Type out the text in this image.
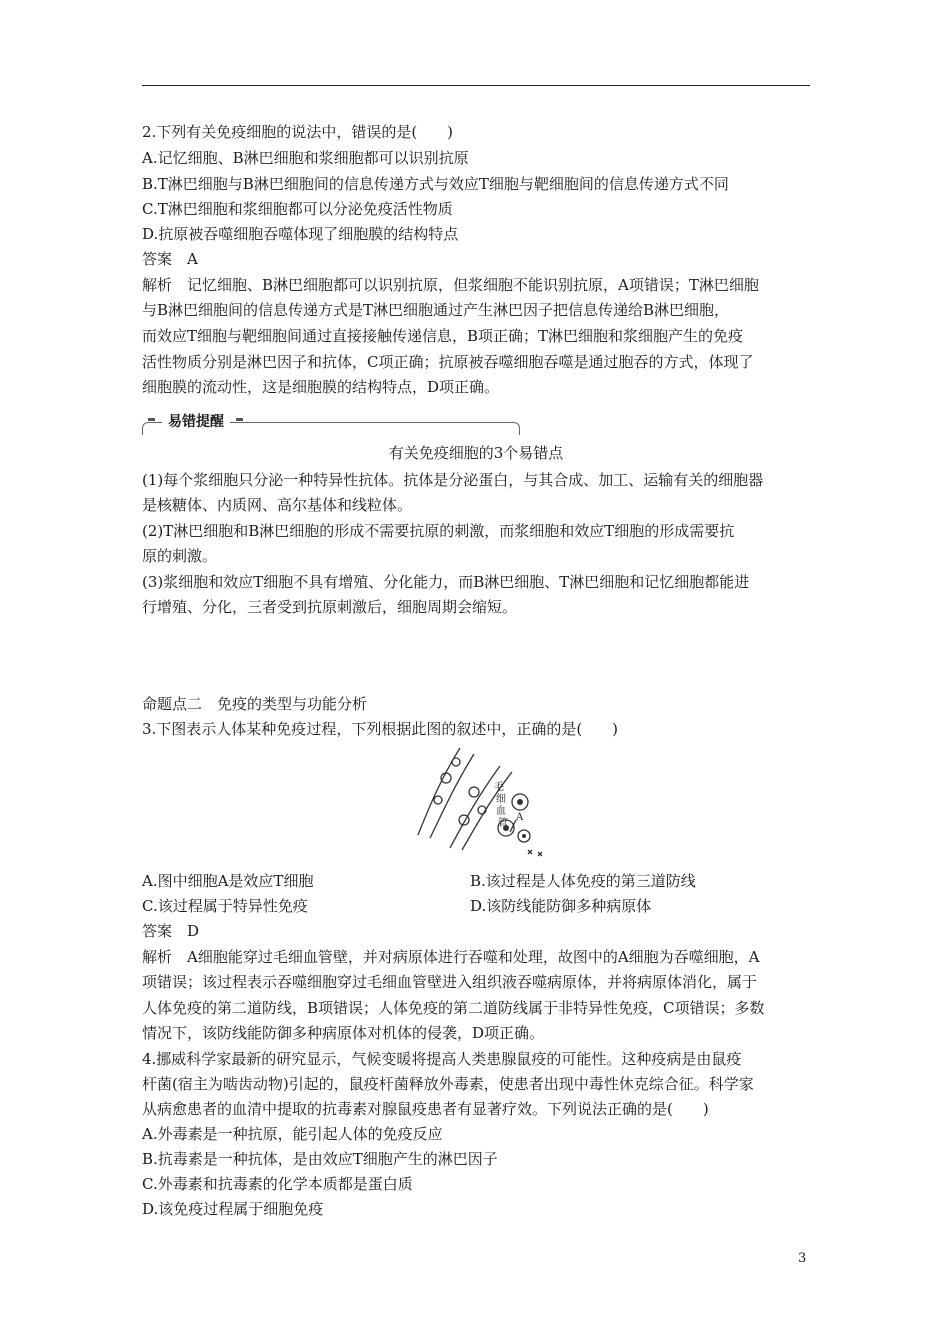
2.下列有关免疫细胞的说法中，错误的是(　　)
A.记忆细胞、B淋巴细胞和浆细胞都可以识别抗原
B.T淋巴细胞与B淋巴细胞间的信息传递方式与效应T细胞与靶细胞间的信息传递方式不同
C.T淋巴细胞和浆细胞都可以分泌免疫活性物质
D.抗原被吞噬细胞吞噬体现了细胞膜的结构特点
答案　A
解析　记忆细胞、B淋巴细胞都可以识别抗原，但浆细胞不能识别抗原，A项错误；T淋巴细胞
与B淋巴细胞间的信息传递方式是T淋巴细胞通过产生淋巴因子把信息传递给B淋巴细胞，
而效应T细胞与靶细胞间通过直接接触传递信息，B项正确；T淋巴细胞和浆细胞产生的免疫
活性物质分别是淋巴因子和抗体，C项正确；抗原被吞噬细胞吞噬是通过胞吞的方式，体现了
细胞膜的流动性，这是细胞膜的结构特点，D项正确。
易错提醒
有关免疫细胞的3个易错点
(1)每个浆细胞只分泌一种特异性抗体。抗体是分泌蛋白，与其合成、加工、运输有关的细胞器
是核糖体、内质网、高尔基体和线粒体。
(2)T淋巴细胞和B淋巴细胞的形成不需要抗原的刺激，而浆细胞和效应T细胞的形成需要抗
原的刺激。
(3)浆细胞和效应T细胞不具有增殖、分化能力，而B淋巴细胞、T淋巴细胞和记忆细胞都能进
行增殖、分化，三者受到抗原刺激后，细胞周期会缩短。
命题点二　免疫的类型与功能分析
3.下图表示人体某种免疫过程，下列根据此图的叙述中，正确的是(　　)
毛
细
血
管
A
A.图中细胞A是效应T细胞	B.该过程是人体免疫的第三道防线
C.该过程属于特异性免疫	D.该防线能防御多种病原体
答案　D
解析　A细胞能穿过毛细血管壁，并对病原体进行吞噬和处理，故图中的A细胞为吞噬细胞，A
项错误；该过程表示吞噬细胞穿过毛细血管壁进入组织液吞噬病原体，并将病原体消化，属于
人体免疫的第二道防线，B项错误；人体免疫的第二道防线属于非特异性免疫，C项错误；多数
情况下，该防线能防御多种病原体对机体的侵袭，D项正确。
4.挪威科学家最新的研究显示，气候变暖将提高人类患腺鼠疫的可能性。这种疫病是由鼠疫
杆菌(宿主为啮齿动物)引起的，鼠疫杆菌释放外毒素，使患者出现中毒性休克综合征。科学家
从病愈患者的血清中提取的抗毒素对腺鼠疫患者有显著疗效。下列说法正确的是(　　)
A.外毒素是一种抗原，能引起人体的免疫反应
B.抗毒素是一种抗体，是由效应T细胞产生的淋巴因子
C.外毒素和抗毒素的化学本质都是蛋白质
D.该免疫过程属于细胞免疫
3
